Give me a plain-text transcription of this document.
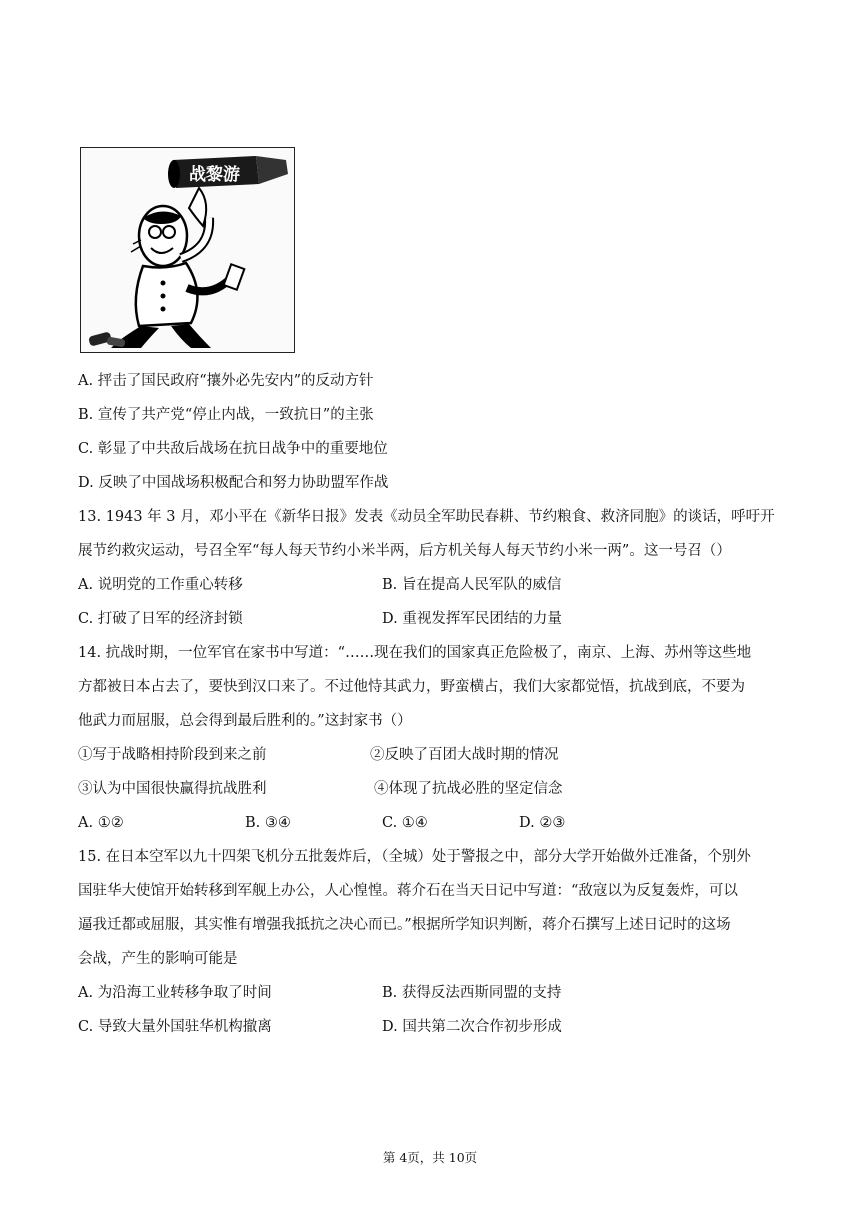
战黎游
A. 抨击了国民政府“攘外必先安内”的反动方针
B. 宣传了共产党“停止内战，一致抗日”的主张
C. 彰显了中共敌后战场在抗日战争中的重要地位
D. 反映了中国战场积极配合和努力协助盟军作战
13. 1943 年 3 月，邓小平在《新华日报》发表《动员全军助民春耕、节约粮食、救济同胞》的谈话，呼吁开
展节约救灾运动，号召全军“每人每天节约小米半两，后方机关每人每天节约小米一两”。这一号召（）
A. 说明党的工作重心转移	B. 旨在提高人民军队的威信
C. 打破了日军的经济封锁	D. 重视发挥军民团结的力量
14. 抗战时期，一位军官在家书中写道：“……现在我们的国家真正危险极了，南京、上海、苏州等这些地
方都被日本占去了，要快到汉口来了。不过他恃其武力，野蛮横占，我们大家都觉悟，抗战到底，不要为
他武力而屈服，总会得到最后胜利的。”这封家书（）
①写于战略相持阶段到来之前	②反映了百团大战时期的情况
③认为中国很快赢得抗战胜利	④体现了抗战必胜的坚定信念
A. ①②	B. ③④	C. ①④	D. ②③
15. 在日本空军以九十四架飞机分五批轰炸后，（全城）处于警报之中，部分大学开始做外迁准备，个别外
国驻华大使馆开始转移到军舰上办公，人心惶惶。蒋介石在当天日记中写道：“敌寇以为反复轰炸，可以
逼我迁都或屈服，其实惟有增强我抵抗之决心而已。”根据所学知识判断，蒋介石撰写上述日记时的这场
会战，产生的影响可能是
A. 为沿海工业转移争取了时间	B. 获得反法西斯同盟的支持
C. 导致大量外国驻华机构撤离	D. 国共第二次合作初步形成
第 4页，共 10页
